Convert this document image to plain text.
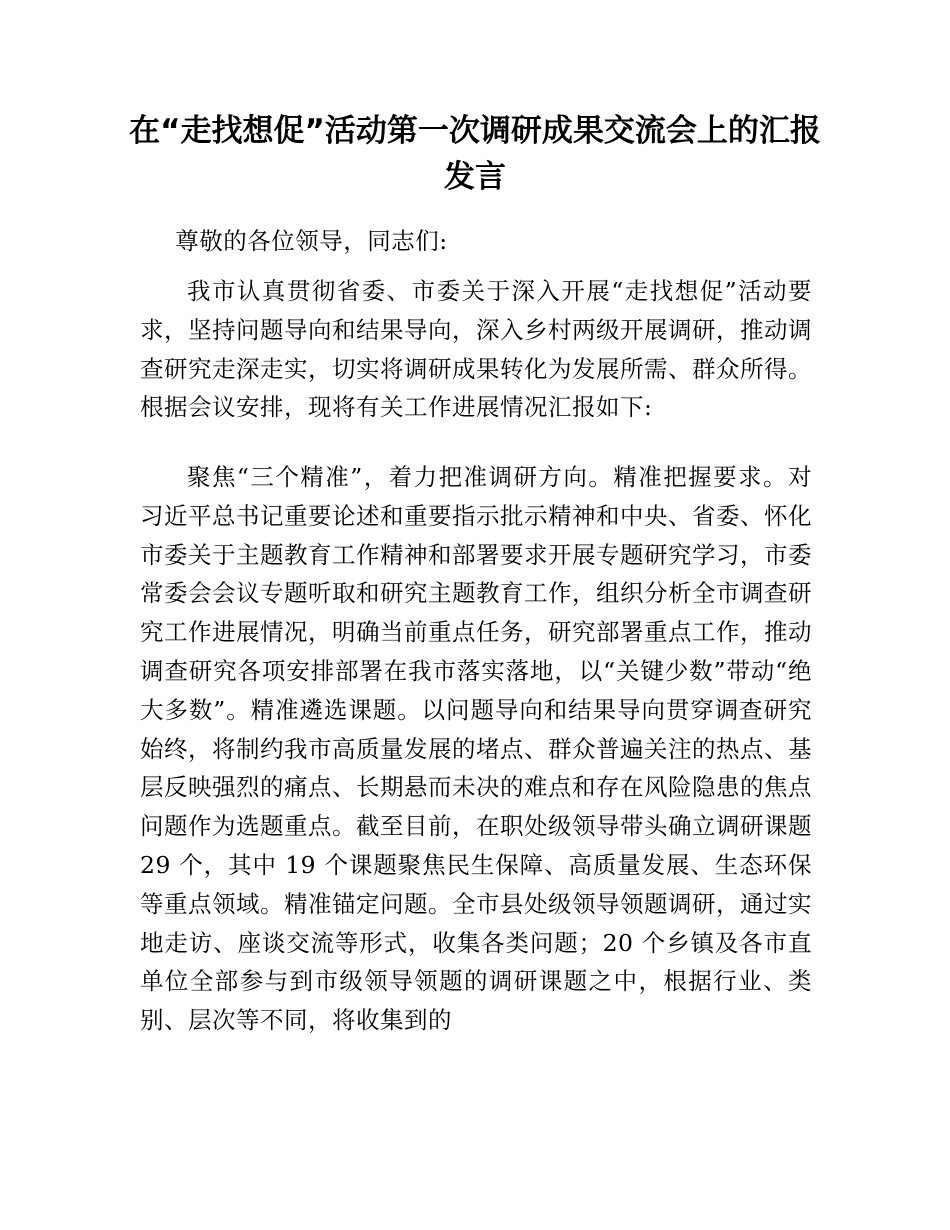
在“走找想促”活动第一次调研成果交流会上的汇报发言

尊敬的各位领导，同志们:

我市认真贯彻省委、市委关于深入开展“走找想促”活动要求，坚持问题导向和结果导向，深入乡村两级开展调研，推动调查研究走深走实，切实将调研成果转化为发展所需、群众所得。根据会议安排，现将有关工作进展情况汇报如下:

聚焦“三个精准”，着力把准调研方向。精准把握要求。对习近平总书记重要论述和重要指示批示精神和中央、省委、怀化市委关于主题教育工作精神和部署要求开展专题研究学习，市委常委会会议专题听取和研究主题教育工作，组织分析全市调查研究工作进展情况，明确当前重点任务，研究部署重点工作，推动调查研究各项安排部署在我市落实落地，以“关键少数”带动“绝大多数”。精准遴选课题。以问题导向和结果导向贯穿调查研究始终，将制约我市高质量发展的堵点、群众普遍关注的热点、基层反映强烈的痛点、长期悬而未决的难点和存在风险隐患的焦点问题作为选题重点。截至目前，在职处级领导带头确立调研课题 29 个，其中 19 个课题聚焦民生保障、高质量发展、生态环保等重点领域。精准锚定问题。全市县处级领导领题调研，通过实地走访、座谈交流等形式，收集各类问题；20 个乡镇及各市直单位全部参与到市级领导领题的调研课题之中，根据行业、类别、层次等不同，将收集到的
